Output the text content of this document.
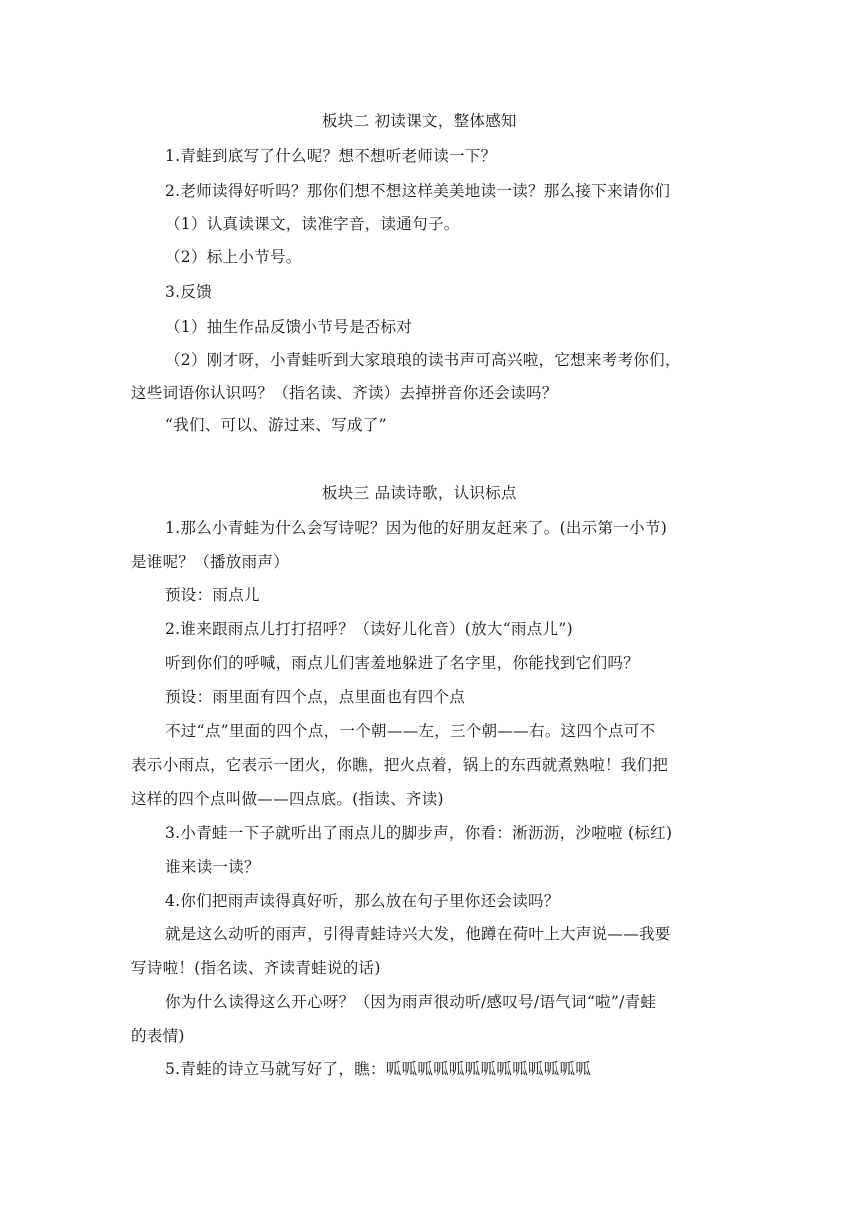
板块二 初读课文，整体感知
1.青蛙到底写了什么呢？想不想听老师读一下？
2.老师读得好听吗？那你们想不想这样美美地读一读？那么接下来请你们
（1）认真读课文，读准字音，读通句子。
（2）标上小节号。
3.反馈
（1）抽生作品反馈小节号是否标对
（2）刚才呀，小青蛙听到大家琅琅的读书声可高兴啦，它想来考考你们，
这些词语你认识吗？（指名读、齐读）去掉拼音你还会读吗？
“我们、可以、游过来、写成了”
板块三 品读诗歌，认识标点
1.那么小青蛙为什么会写诗呢？因为他的好朋友赶来了。(出示第一小节)
是谁呢？（播放雨声）
预设：雨点儿
2.谁来跟雨点儿打打招呼？（读好儿化音）(放大“雨点儿”)
听到你们的呼喊，雨点儿们害羞地躲进了名字里，你能找到它们吗？
预设：雨里面有四个点，点里面也有四个点
不过“点”里面的四个点，一个朝——左，三个朝——右。这四个点可不
表示小雨点，它表示一团火，你瞧，把火点着，锅上的东西就煮熟啦！我们把
这样的四个点叫做——四点底。(指读、齐读)
3.小青蛙一下子就听出了雨点儿的脚步声，你看：淅沥沥，沙啦啦 (标红)
谁来读一读？
4.你们把雨声读得真好听，那么放在句子里你还会读吗？
就是这么动听的雨声，引得青蛙诗兴大发，他蹲在荷叶上大声说——我要
写诗啦！(指名读、齐读青蛙说的话)
你为什么读得这么开心呀？（因为雨声很动听/感叹号/语气词“啦”/青蛙
的表情)
5.青蛙的诗立马就写好了，瞧：呱呱呱呱呱呱呱呱呱呱呱呱呱
